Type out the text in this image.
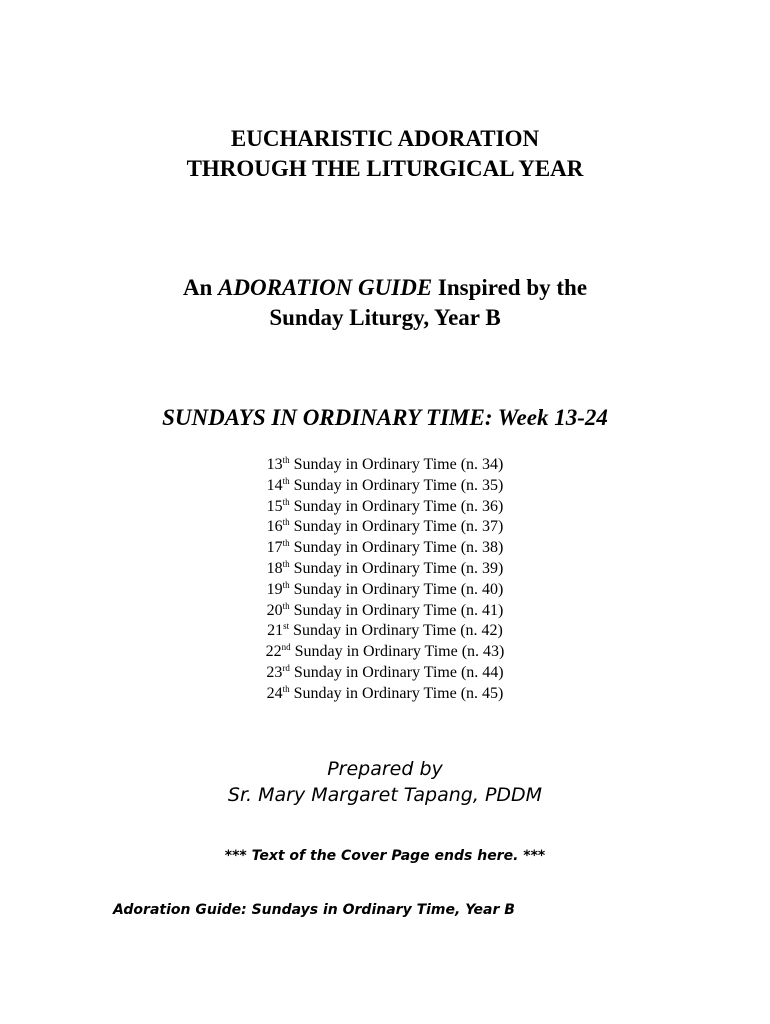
EUCHARISTIC ADORATION
THROUGH THE LITURGICAL YEAR
An ADORATION GUIDE Inspired by the
Sunday Liturgy, Year B
SUNDAYS IN ORDINARY TIME: Week 13-24
13th Sunday in Ordinary Time (n. 34)
14th Sunday in Ordinary Time (n. 35)
15th Sunday in Ordinary Time (n. 36)
16th Sunday in Ordinary Time (n. 37)
17th Sunday in Ordinary Time (n. 38)
18th Sunday in Ordinary Time (n. 39)
19th Sunday in Ordinary Time (n. 40)
20th Sunday in Ordinary Time (n. 41)
21st Sunday in Ordinary Time (n. 42)
22nd Sunday in Ordinary Time (n. 43)
23rd Sunday in Ordinary Time (n. 44)
24th Sunday in Ordinary Time (n. 45)
Prepared by
Sr. Mary Margaret Tapang, PDDM
*** Text of the Cover Page ends here. ***
Adoration Guide: Sundays in Ordinary Time, Year B
